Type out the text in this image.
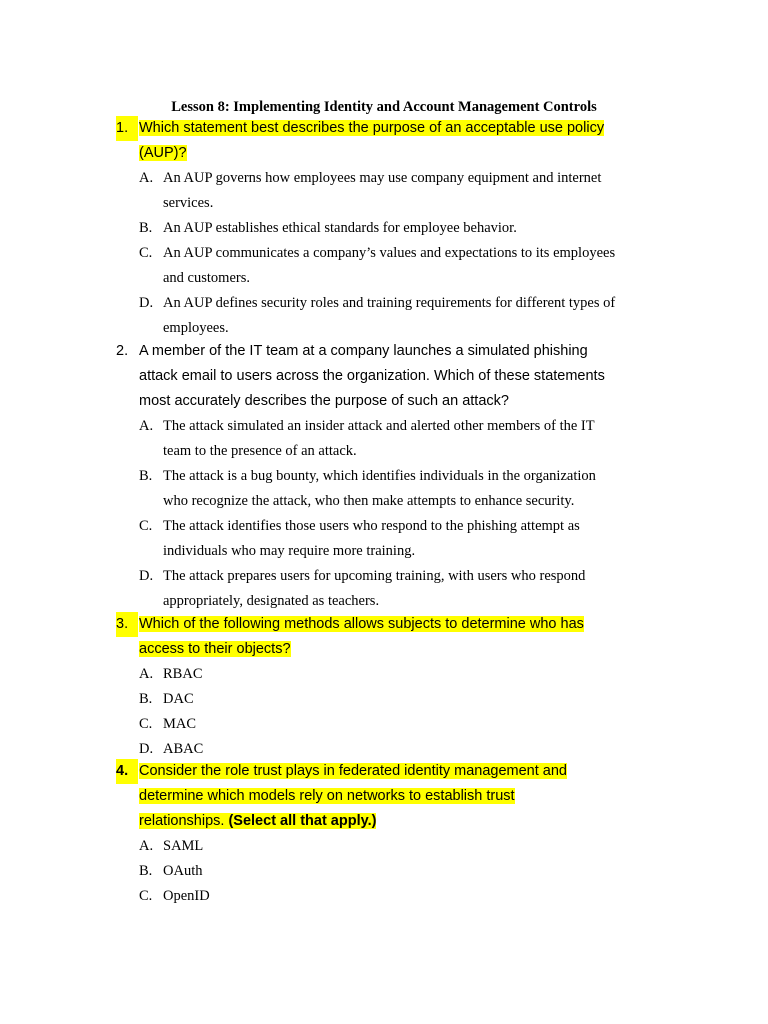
Lesson 8: Implementing Identity and Account Management Controls
1. Which statement best describes the purpose of an acceptable use policy
(AUP)?
A. An AUP governs how employees may use company equipment and internet
services.
B. An AUP establishes ethical standards for employee behavior.
C. An AUP communicates a company’s values and expectations to its employees
and customers.
D. An AUP defines security roles and training requirements for different types of
employees.
2. A member of the IT team at a company launches a simulated phishing
attack email to users across the organization. Which of these statements
most accurately describes the purpose of such an attack?
A. The attack simulated an insider attack and alerted other members of the IT
team to the presence of an attack.
B. The attack is a bug bounty, which identifies individuals in the organization
who recognize the attack, who then make attempts to enhance security.
C. The attack identifies those users who respond to the phishing attempt as
individuals who may require more training.
D. The attack prepares users for upcoming training, with users who respond
appropriately, designated as teachers.
3. Which of the following methods allows subjects to determine who has
access to their objects?
A. RBAC
B. DAC
C. MAC
D. ABAC
4. Consider the role trust plays in federated identity management and
determine which models rely on networks to establish trust
relationships. (Select all that apply.)
A. SAML
B. OAuth
C. OpenID
